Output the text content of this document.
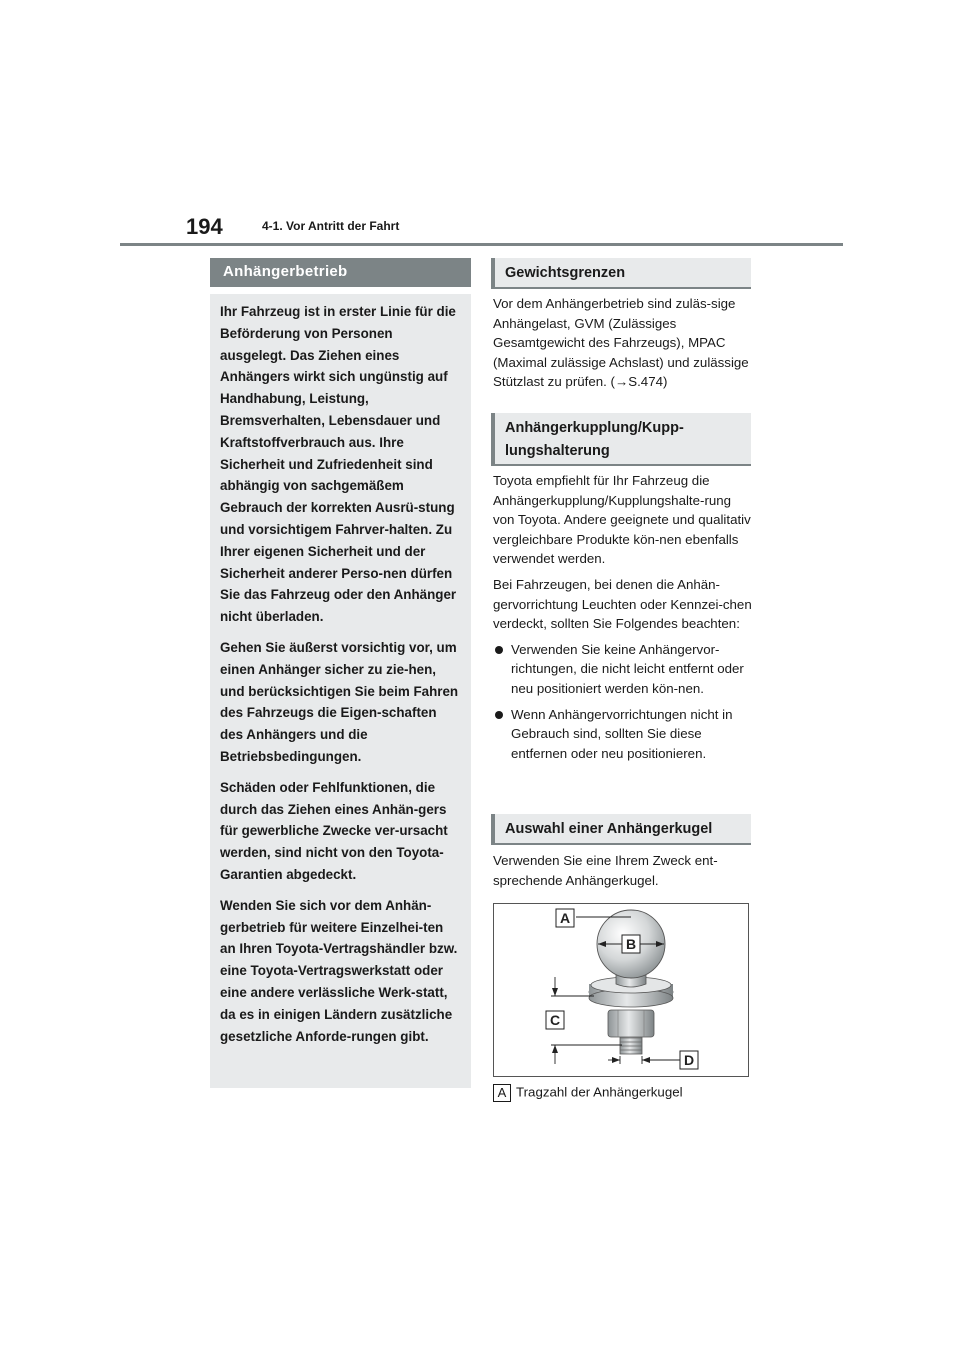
194	4-1. Vor Antritt der Fahrt
Anhängerbetrieb

Ihr Fahrzeug ist in erster Linie für die Beförderung von Personen ausgelegt. Das Ziehen eines Anhängers wirkt sich ungünstig auf Handhabung, Leistung, Bremsverhalten, Lebensdauer und Kraftstoffverbrauch aus. Ihre Sicherheit und Zufriedenheit sind abhängig von sachgemäßem Gebrauch der korrekten Ausrü-stung und vorsichtigem Fahrver-halten. Zu Ihrer eigenen Sicherheit und der Sicherheit anderer Perso-nen dürfen Sie das Fahrzeug oder den Anhänger nicht überladen.

Gehen Sie äußerst vorsichtig vor, um einen Anhänger sicher zu zie-hen, und berücksichtigen Sie beim Fahren des Fahrzeugs die Eigen-schaften des Anhängers und die Betriebsbedingungen.

Schäden oder Fehlfunktionen, die durch das Ziehen eines Anhän-gers für gewerbliche Zwecke ver-ursacht werden, sind nicht von den Toyota-Garantien abgedeckt.

Wenden Sie sich vor dem Anhän-gerbetrieb für weitere Einzelhei-ten an Ihren Toyota-Vertragshändler bzw. eine Toyota-Vertragswerkstatt oder eine andere verlässliche Werk-statt, da es in einigen Ländern zusätzliche gesetzliche Anforde-rungen gibt.

Gewichtsgrenzen

Vor dem Anhängerbetrieb sind zuläs-sige Anhängelast, GVM (Zulässiges Gesamtgewicht des Fahrzeugs), MPAC (Maximal zulässige Achslast) und zulässige Stützlast zu prüfen. (→S.474)

Anhängerkupplung/Kupp-lungshalterung

Toyota empfiehlt für Ihr Fahrzeug die Anhängerkupplung/Kupplungshalte-rung von Toyota. Andere geeignete und qualitativ vergleichbare Produkte kön-nen ebenfalls verwendet werden.

Bei Fahrzeugen, bei denen die Anhän-gervorrichtung Leuchten oder Kennzei-chen verdeckt, sollten Sie Folgendes beachten:

Verwenden Sie keine Anhängervor-richtungen, die nicht leicht entfernt oder neu positioniert werden kön-nen.
Wenn Anhängervorrichtungen nicht in Gebrauch sind, sollten Sie diese entfernen oder neu positionieren.
Auswahl einer Anhängerkugel

Verwenden Sie eine Ihrem Zweck ent-sprechende Anhängerkugel.

A
B
C
D
A Tragzahl der Anhängerkugel
